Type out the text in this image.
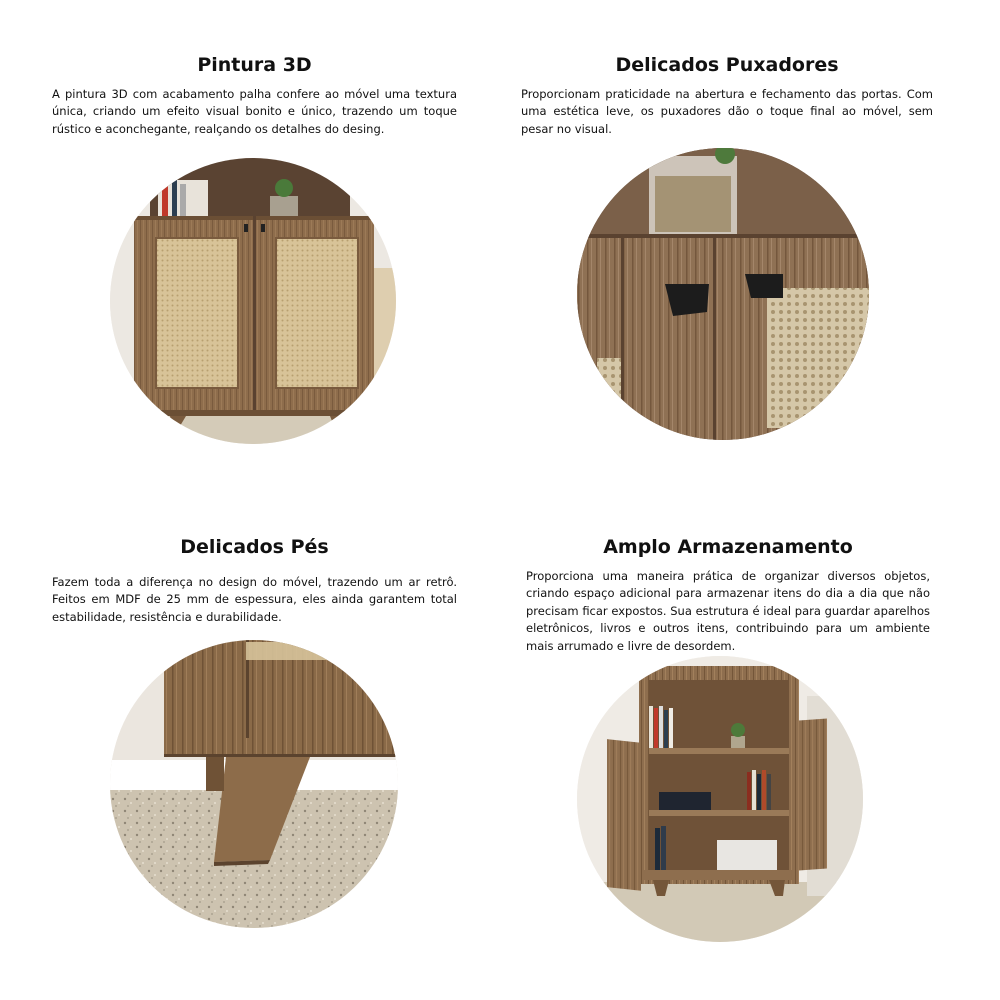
Pintura 3D

A pintura 3D com acabamento palha confere ao móvel uma textura única, criando um efeito visual bonito e único, trazendo um toque rústico e aconchegante, realçando os detalhes do desing.

Delicados Puxadores

Proporcionam praticidade na abertura e fechamento das portas. Com uma estética leve, os puxadores dão o toque final ao móvel, sem pesar no visual.

Delicados Pés

Fazem toda a diferença no design do móvel, trazendo um ar retrô. Feitos em MDF de 25 mm de espessura, eles ainda garantem total estabilidade, resistência e durabilidade.

Amplo Armazenamento

Proporciona uma maneira prática de organizar diversos objetos, criando espaço adicional para armazenar itens do dia a dia que não precisam ficar expostos. Sua estrutura é ideal para guardar aparelhos eletrônicos, livros e outros itens, contribuindo para um ambiente mais arrumado e livre de desordem.
